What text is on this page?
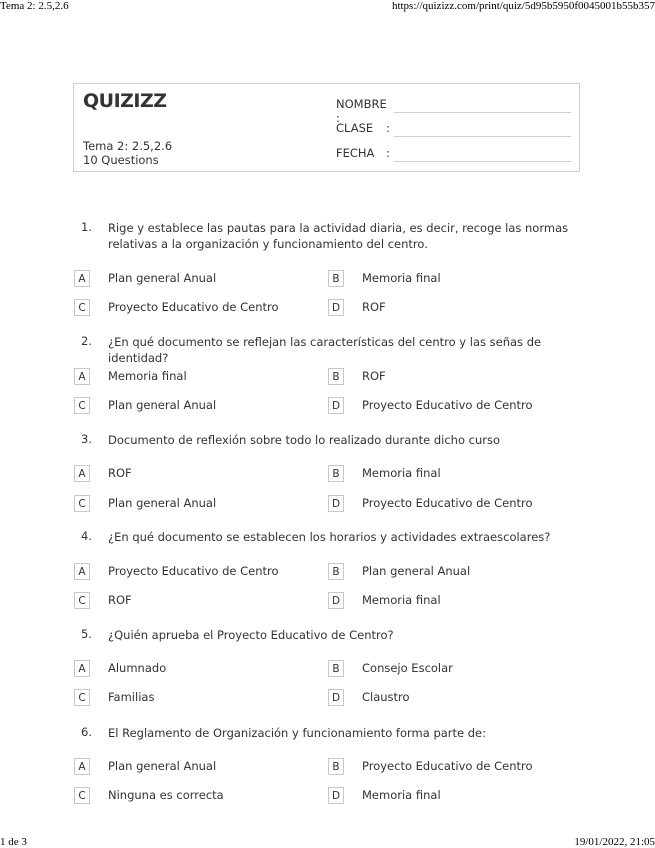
Tema 2: 2.5,2.6	https://quizizz.com/print/quiz/5d95b5950f0045001b55b357
QUIZIZZ
Tema 2: 2.5,2.6
10 Questions
NOMBRE :
CLASE :
FECHA :
1. Rige y establece las pautas para la actividad diaria, es decir, recoge las normas relativas a la organización y funcionamiento del centro.
A	Plan general Anual	B	Memoria final
C	Proyecto Educativo de Centro	D	ROF
2. ¿En qué documento se reflejan las características del centro y las señas de identidad?
A	Memoria final	B	ROF
C	Plan general Anual	D	Proyecto Educativo de Centro
3. Documento de reflexión sobre todo lo realizado durante dicho curso
A	ROF	B	Memoria final
C	Plan general Anual	D	Proyecto Educativo de Centro
4. ¿En qué documento se establecen los horarios y actividades extraescolares?
A	Proyecto Educativo de Centro	B	Plan general Anual
C	ROF	D	Memoria final
5. ¿Quién aprueba el Proyecto Educativo de Centro?
A	Alumnado	B	Consejo Escolar
C	Familias	D	Claustro
6. El Reglamento de Organización y funcionamiento forma parte de:
A	Plan general Anual	B	Proyecto Educativo de Centro
C	Ninguna es correcta	D	Memoria final
1 de 3	19/01/2022, 21:05
